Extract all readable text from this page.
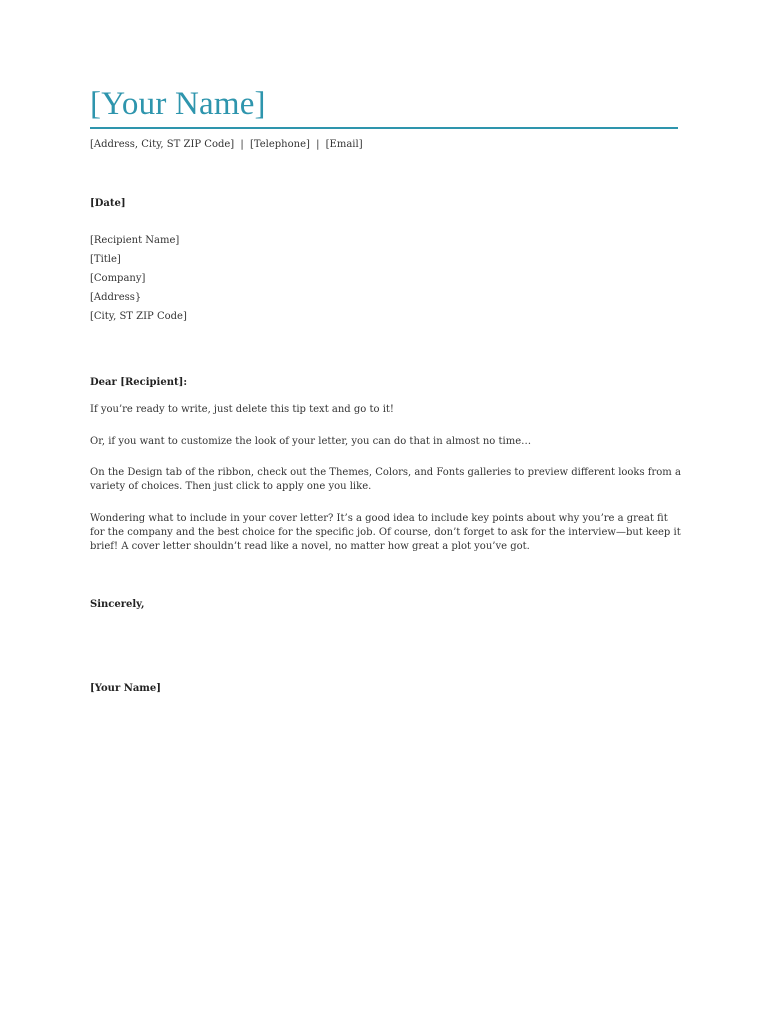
[Your Name]
[Address, City, ST ZIP Code] | [Telephone] | [Email]
[Date]
[Recipient Name]
[Title]
[Company]
[Address}
[City, ST ZIP Code]
Dear [Recipient]:
If you’re ready to write, just delete this tip text and go to it!
Or, if you want to customize the look of your letter, you can do that in almost no time…
On the Design tab of the ribbon, check out the Themes, Colors, and Fonts galleries to preview different looks from a variety of choices. Then just click to apply one you like.
Wondering what to include in your cover letter? It’s a good idea to include key points about why you’re a great fit for the company and the best choice for the specific job. Of course, don’t forget to ask for the interview—but keep it brief! A cover letter shouldn’t read like a novel, no matter how great a plot you’ve got.
Sincerely,
[Your Name]
